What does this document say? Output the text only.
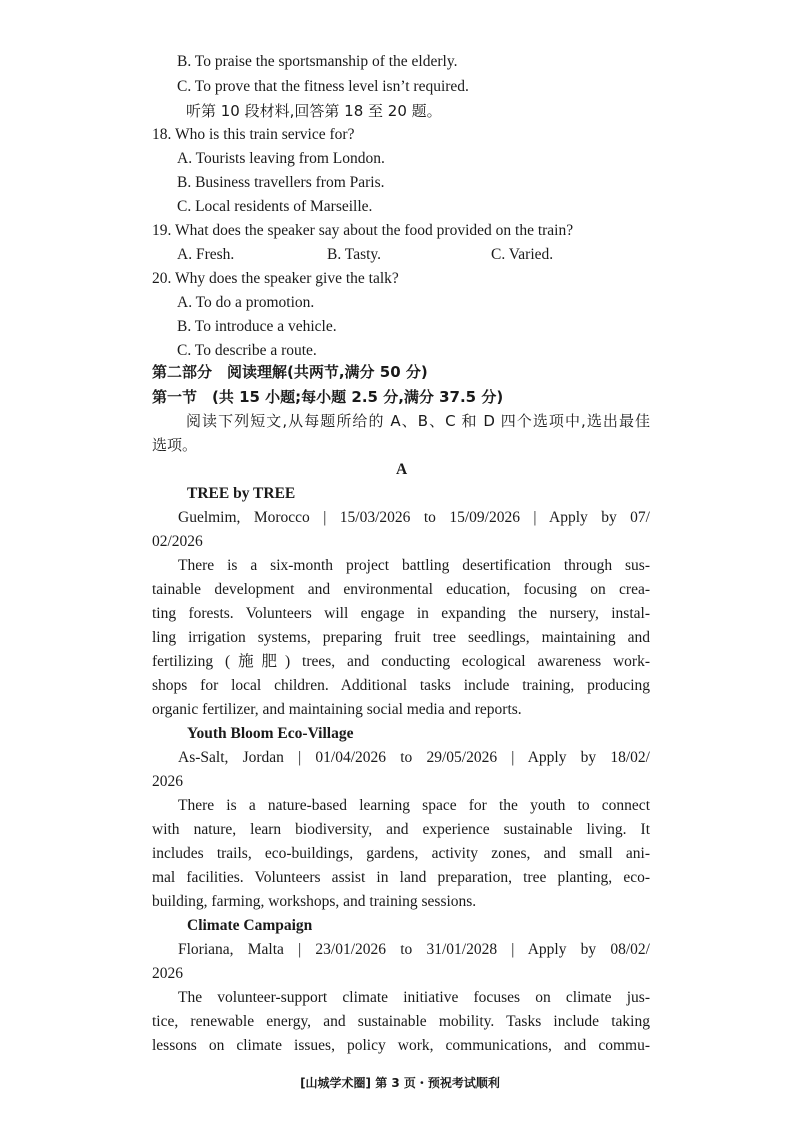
B. To praise the sportsmanship of the elderly.
C. To prove that the fitness level isn’t required.
听第 10 段材料,回答第 18 至 20 题。
18. Who is this train service for?
A. Tourists leaving from London.
B. Business travellers from Paris.
C. Local residents of Marseille.
19. What does the speaker say about the food provided on the train?
A. Fresh.	B. Tasty.	C. Varied.
20. Why does the speaker give the talk?
A. To do a promotion.
B. To introduce a vehicle.
C. To describe a route.
第二部分　阅读理解(共两节,满分 50 分)
第一节　(共 15 小题;每小题 2.5 分,满分 37.5 分)
阅读下列短文,从每题所给的 A、B、C 和 D 四个选项中,选出最佳
选项。
A
TREE by TREE
Guelmim, Morocco | 15/03/2026 to 15/09/2026 | Apply by 07/
02/2026
There is a six-month project battling desertification through sus-
tainable development and environmental education, focusing on crea-
ting forests. Volunteers will engage in expanding the nursery, instal-
ling irrigation systems, preparing fruit tree seedlings, maintaining and
fertilizing (施肥) trees, and conducting ecological awareness work-
shops for local children. Additional tasks include training, producing
organic fertilizer, and maintaining social media and reports.
Youth Bloom Eco-Village
As-Salt, Jordan | 01/04/2026 to 29/05/2026 | Apply by 18/02/
2026
There is a nature-based learning space for the youth to connect
with nature, learn biodiversity, and experience sustainable living. It
includes trails, eco-buildings, gardens, activity zones, and small ani-
mal facilities. Volunteers assist in land preparation, tree planting, eco-
building, farming, workshops, and training sessions.
Climate Campaign
Floriana, Malta | 23/01/2026 to 31/01/2028 | Apply by 08/02/
2026
The volunteer-support climate initiative focuses on climate jus-
tice, renewable energy, and sustainable mobility. Tasks include taking
lessons on climate issues, policy work, communications, and commu-
[山城学术圈] 第 3 页・预祝考试顺利
